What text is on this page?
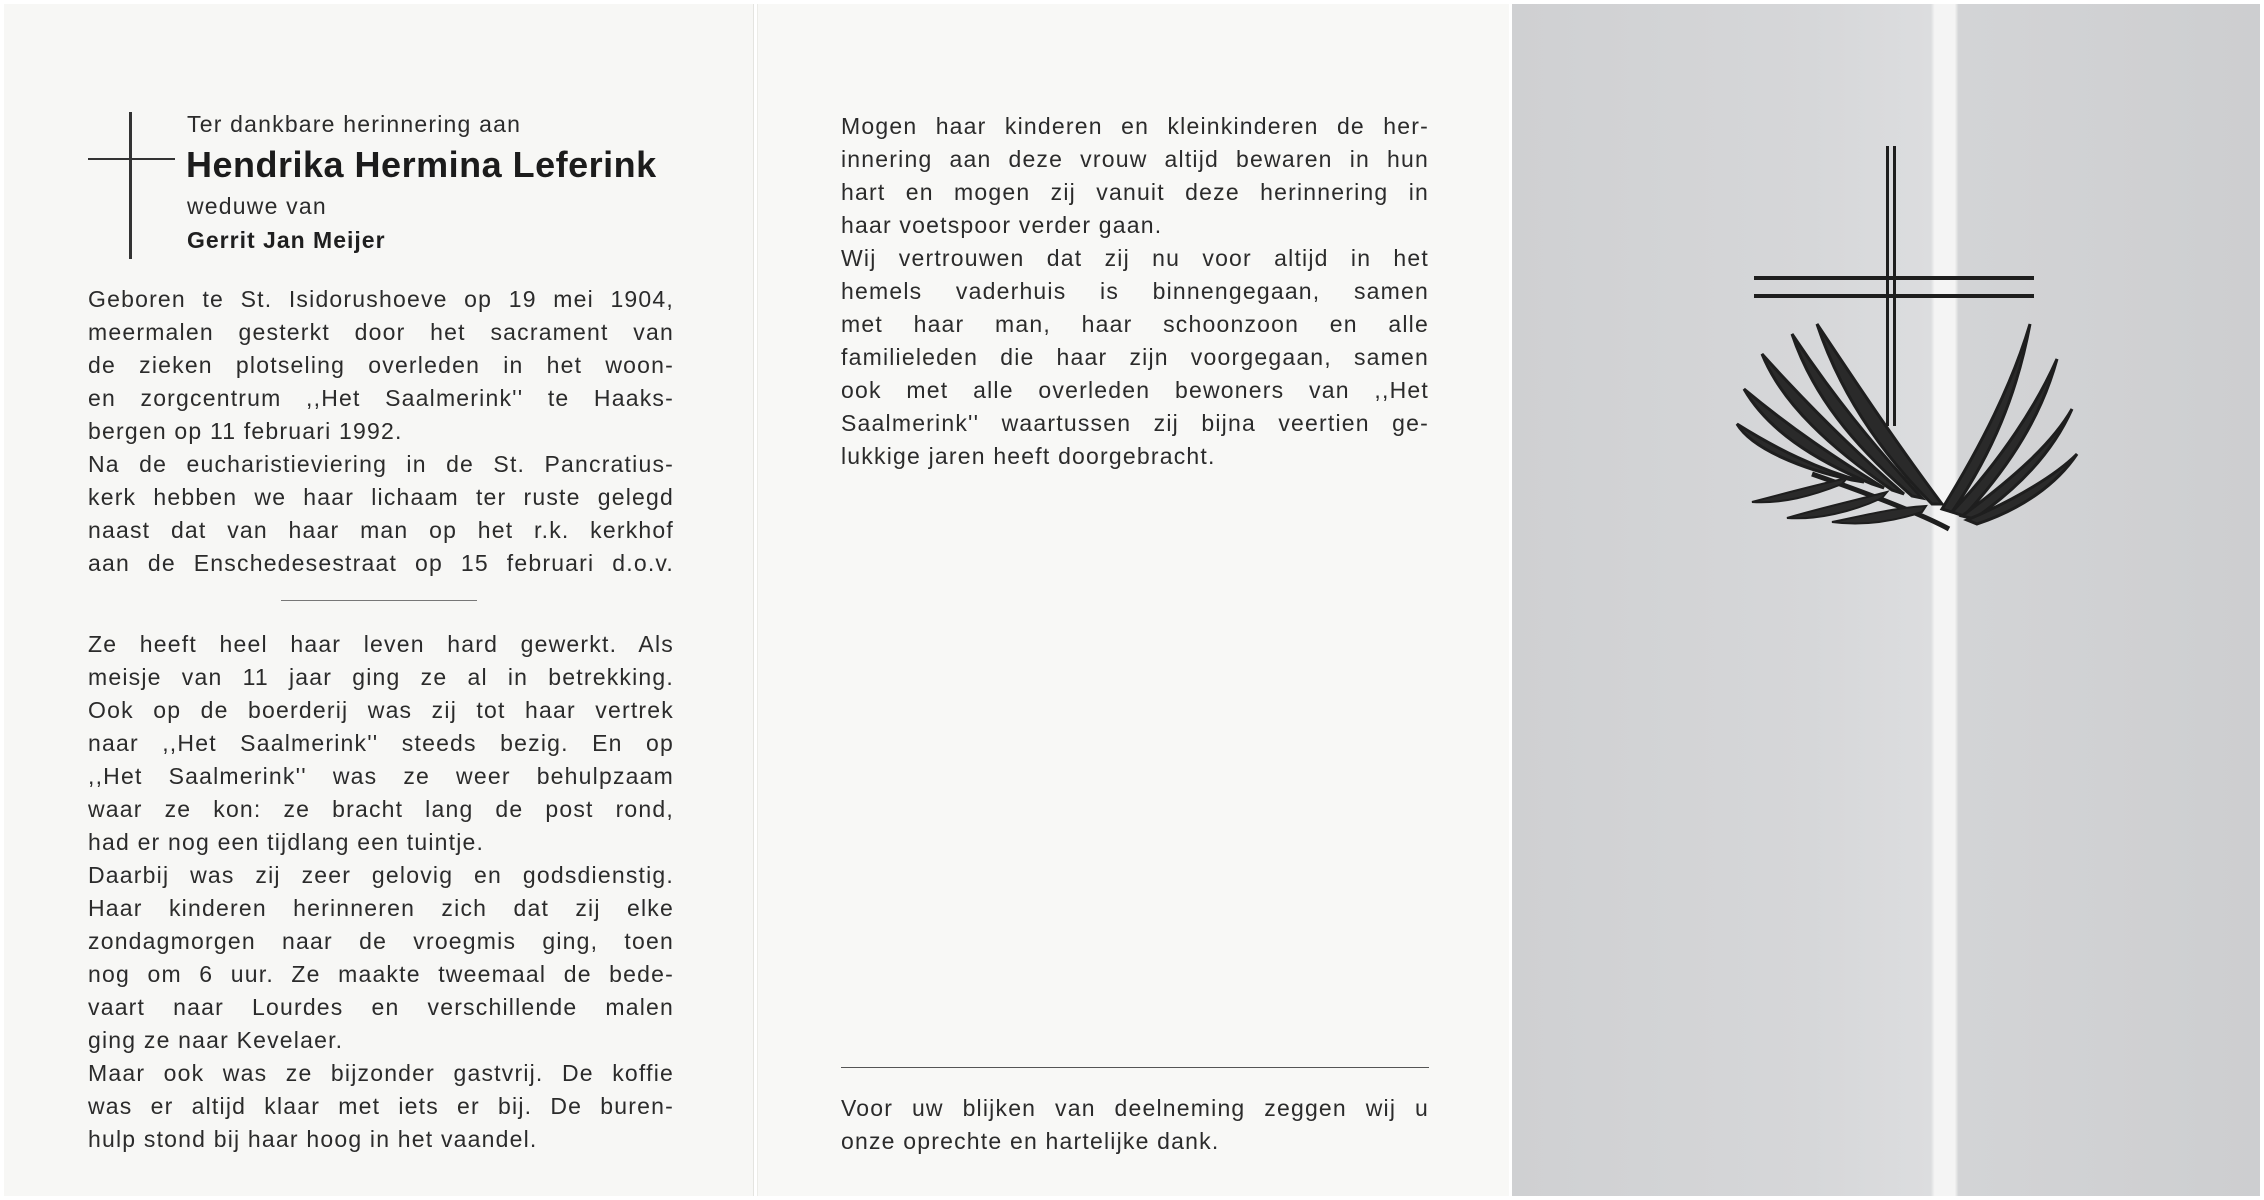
Ter dankbare herinnering aan
Hendrika Hermina Leferink
weduwe van
Gerrit Jan Meijer
Geboren te St. Isidorushoeve op 19 mei 1904,
meermalen gesterkt door het sacrament van
de zieken plotseling overleden in het woon-
en zorgcentrum ,,Het Saalmerink'' te Haaks-
bergen op 11 februari 1992.
Na de eucharistieviering in de St. Pancratius-
kerk hebben we haar lichaam ter ruste gelegd
naast dat van haar man op het r.k. kerkhof
aan de Enschedesestraat op 15 februari d.o.v.
Ze heeft heel haar leven hard gewerkt. Als
meisje van 11 jaar ging ze al in betrekking.
Ook op de boerderij was zij tot haar vertrek
naar ,,Het Saalmerink'' steeds bezig. En op
,,Het Saalmerink'' was ze weer behulpzaam
waar ze kon: ze bracht lang de post rond,
had er nog een tijdlang een tuintje.
Daarbij was zij zeer gelovig en godsdienstig.
Haar kinderen herinneren zich dat zij elke
zondagmorgen naar de vroegmis ging, toen
nog om 6 uur. Ze maakte tweemaal de bede-
vaart naar Lourdes en verschillende malen
ging ze naar Kevelaer.
Maar ook was ze bijzonder gastvrij. De koffie
was er altijd klaar met iets er bij. De buren-
hulp stond bij haar hoog in het vaandel.
Mogen haar kinderen en kleinkinderen de her-
innering aan deze vrouw altijd bewaren in hun
hart en mogen zij vanuit deze herinnering in
haar voetspoor verder gaan.
Wij vertrouwen dat zij nu voor altijd in het
hemels vaderhuis is binnengegaan, samen
met haar man, haar schoonzoon en alle
familieleden die haar zijn voorgegaan, samen
ook met alle overleden bewoners van ,,Het
Saalmerink'' waartussen zij bijna veertien ge-
lukkige jaren heeft doorgebracht.
Voor uw blijken van deelneming zeggen wij u
onze oprechte en hartelijke dank.
